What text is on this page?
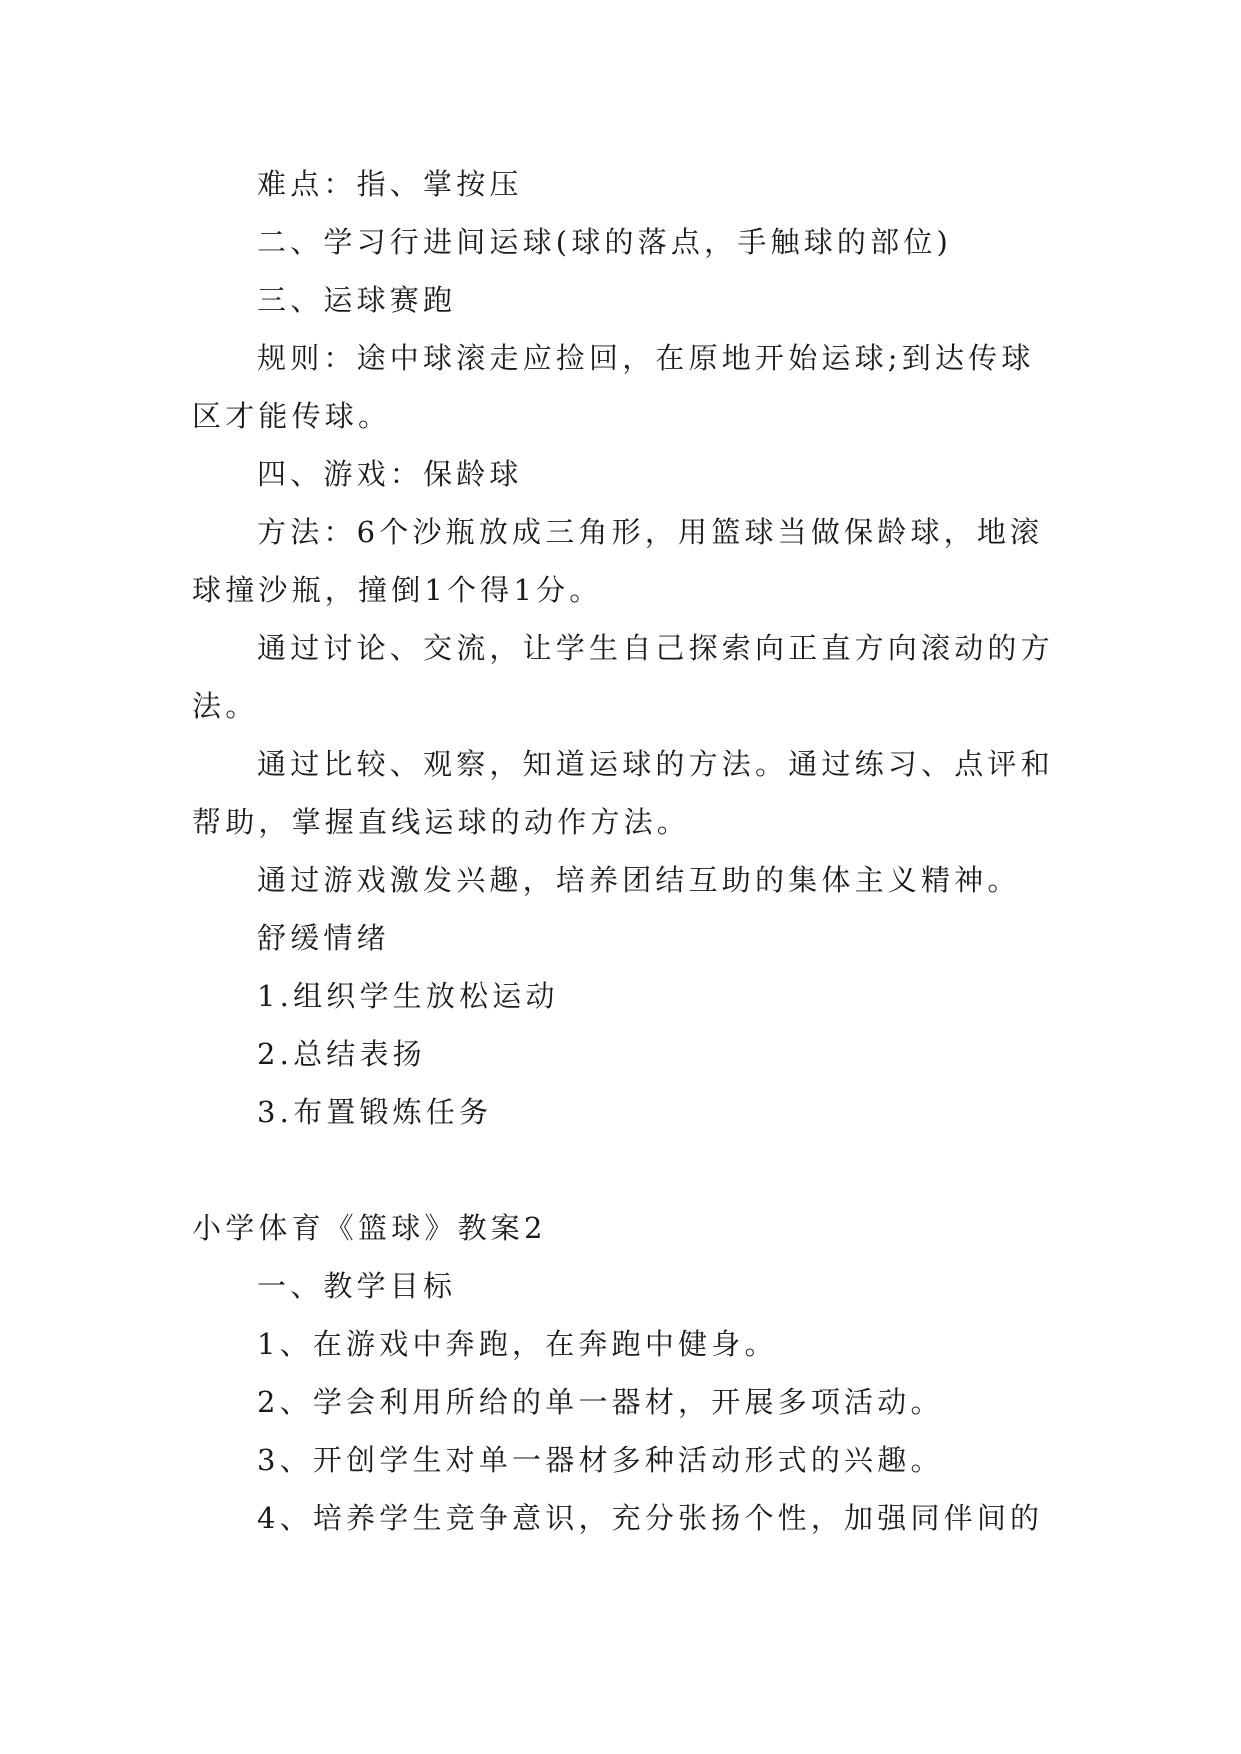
难点：指、掌按压
二、学习行进间运球(球的落点，手触球的部位)
三、运球赛跑
规则：途中球滚走应捡回，在原地开始运球;到达传球
区才能传球。
四、游戏：保龄球
方法：6个沙瓶放成三角形，用篮球当做保龄球，地滚
球撞沙瓶，撞倒1个得1分。
通过讨论、交流，让学生自己探索向正直方向滚动的方
法。
通过比较、观察，知道运球的方法。通过练习、点评和
帮助，掌握直线运球的动作方法。
通过游戏激发兴趣，培养团结互助的集体主义精神。
舒缓情绪
1.组织学生放松运动
2.总结表扬
3.布置锻炼任务
小学体育《篮球》教案2
一、教学目标
1、在游戏中奔跑，在奔跑中健身。
2、学会利用所给的单一器材，开展多项活动。
3、开创学生对单一器材多种活动形式的兴趣。
4、培养学生竞争意识，充分张扬个性，加强同伴间的
